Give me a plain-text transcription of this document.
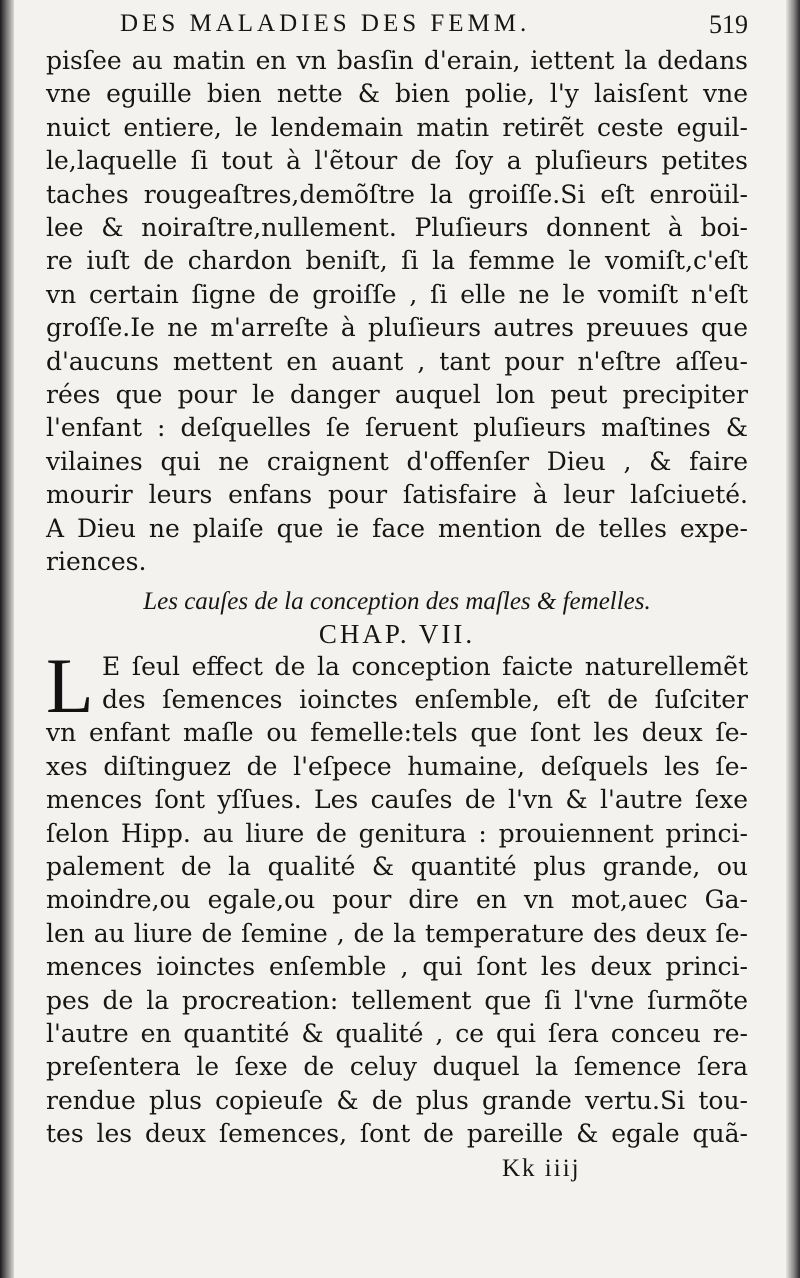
DES MALADIES DES FEMM.	519
pisſee au matin en vn basſin d'erain, iettent la dedans
vne eguille bien nette & bien polie, l'y laisſent vne
nuict entiere, le lendemain matin retirẽt ceste eguil-
le,laquelle ſi tout à l'ẽtour de ſoy a pluſieurs petites
taches rougeaſtres,demõſtre la groiſſe.Si eſt enroüil-
lee & noiraſtre,nullement. Pluſieurs donnent à boi-
re iuſt de chardon beniſt, ſi la femme le vomiſt,c'eſt
vn certain ſigne de groiſſe , ſi elle ne le vomiſt n'eſt
groſſe.Ie ne m'arreſte à pluſieurs autres preuues que
d'aucuns mettent en auant , tant pour n'eſtre aſſeu-
rées que pour le danger auquel lon peut precipiter
l'enfant : deſquelles ſe ſeruent pluſieurs maſtines &
vilaines qui ne craignent d'offenſer Dieu , & faire
mourir leurs enfans pour ſatisfaire à leur laſciueté.
A Dieu ne plaiſe que ie face mention de telles expe-
riences.
Les cauſes de la conception des maſles & femelles.
CHAP. VII.
L E ſeul effect de la conception faicte naturellemẽt
des ſemences ioinctes enſemble, eſt de ſuſciter
vn enfant maſle ou femelle:tels que ſont les deux ſe-
xes diſtinguez de l'eſpece humaine, deſquels les ſe-
mences ſont yſſues. Les cauſes de l'vn & l'autre ſexe
ſelon Hipp. au liure de genitura : prouiennent princi-
palement de la qualité & quantité plus grande, ou
moindre,ou egale,ou pour dire en vn mot,auec Ga-
len au liure de ſemine , de la temperature des deux ſe-
mences ioinctes enſemble , qui ſont les deux princi-
pes de la procreation: tellement que ſi l'vne ſurmõte
l'autre en quantité & qualité , ce qui ſera conceu re-
preſentera le ſexe de celuy duquel la ſemence ſera
rendue plus copieuſe & de plus grande vertu.Si tou-
tes les deux ſemences, ſont de pareille & egale quã-
Kk iiij
